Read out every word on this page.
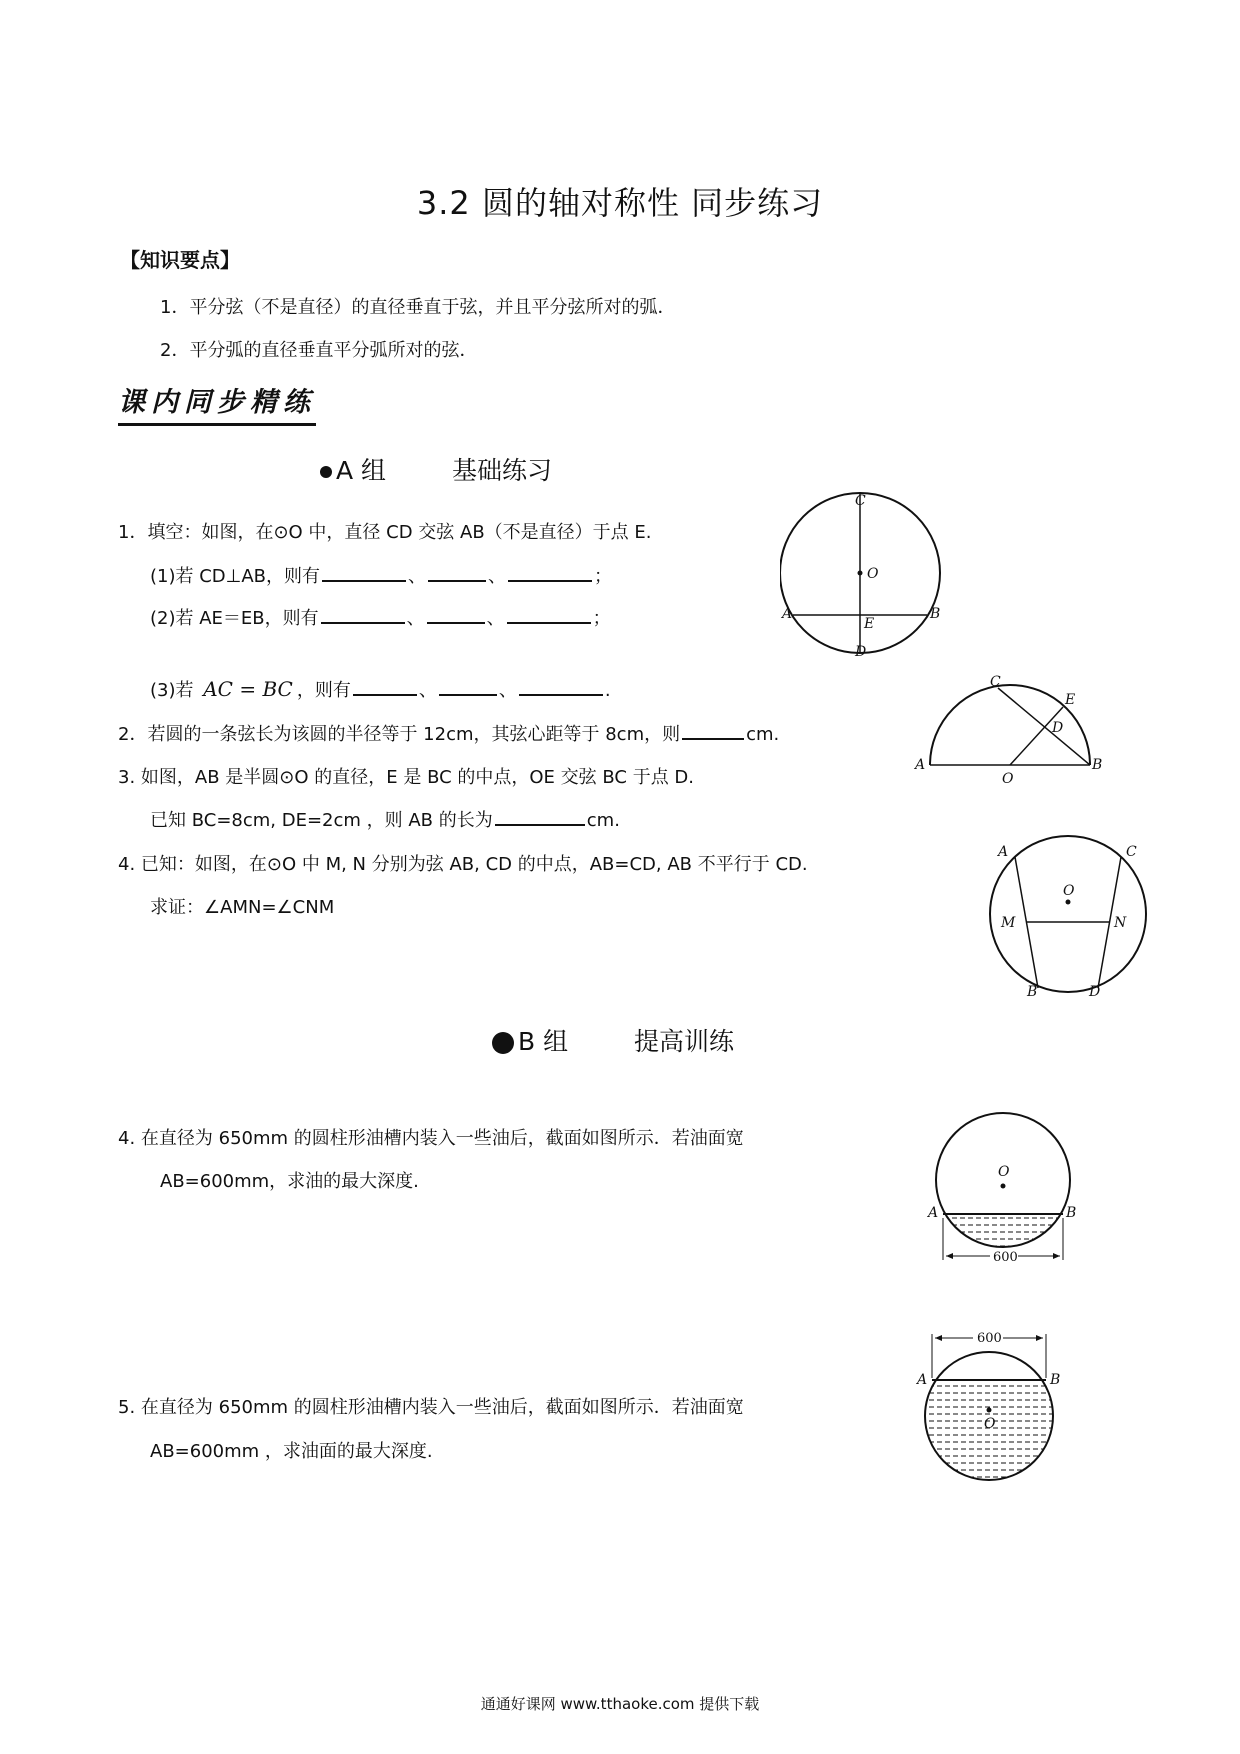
3.2 圆的轴对称性 同步练习
【知识要点】
1．平分弦（不是直径）的直径垂直于弦，并且平分弦所对的弧．
2．平分弧的直径垂直平分弧所对的弦．
课内同步精练
A 组	基础练习
1．填空：如图，在⊙O 中，直径 CD 交弦 AB（不是直径）于点 E.
(1)若 CD⊥AB，则有	、	、	；
(2)若 AE＝EB，则有	、	、	；
(3)若 AC = BC ，则有	、	、	.
2．若圆的一条弦长为该圆的半径等于 12cm，其弦心距等于 8cm，则	cm.
3. 如图，AB 是半圆⊙O 的直径，E 是 BC 的中点，OE 交弦 BC 于点 D.
已知 BC=8cm, DE=2cm ，则 AB 的长为	cm.
4. 已知：如图，在⊙O 中 M, N 分别为弦 AB, CD 的中点，AB=CD, AB 不平行于 CD.
求证：∠AMN=∠CNM
B 组	提高训练
4. 在直径为 650mm 的圆柱形油槽内装入一些油后，截面如图所示．若油面宽
AB=600mm，求油的最大深度.
5. 在直径为 650mm 的圆柱形油槽内装入一些油后，截面如图所示．若油面宽
AB=600mm ，求油面的最大深度.
C
O
A
E
B
D
C
E
D
A
O
B
A	C
O
M	N
B	D
O
A	B
600
600
A	B
O
通通好课网 www.tthaoke.com 提供下载
